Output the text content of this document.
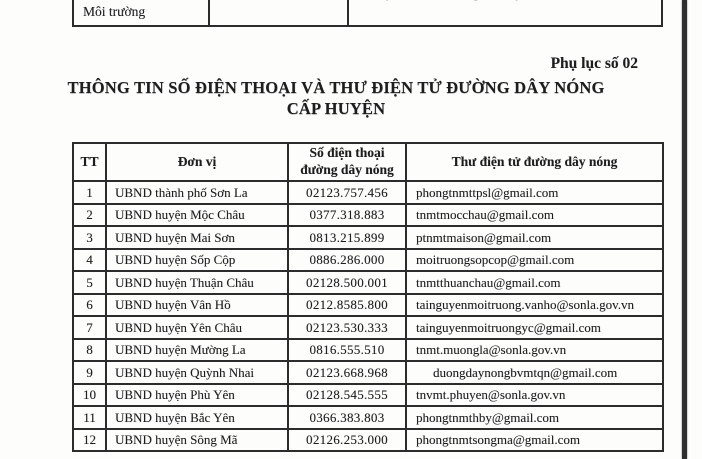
Môi trường
Phụ lục số 02
THÔNG TIN SỐ ĐIỆN THOẠI VÀ THƯ ĐIỆN TỬ ĐƯỜNG DÂY NÓNG
CẤP HUYỆN
TT	Đơn vị	Số điện thoại đường dây nóng	Thư điện tử đường dây nóng
1	UBND thành phố Sơn La	02123.757.456	phongtnmttpsl@gmail.com
2	UBND huyện Mộc Châu	0377.318.883	tnmtmocchau@gmail.com
3	UBND huyện Mai Sơn	0813.215.899	ptnmtmaison@gmail.com
4	UBND huyện Sốp Cộp	0886.286.000	moitruongsopcop@gmail.com
5	UBND huyện Thuận Châu	02128.500.001	tnmtthuanchau@gmail.com
6	UBND huyện Vân Hồ	0212.8585.800	tainguyenmoitruong.vanho@sonla.gov.vn
7	UBND huyện Yên Châu	02123.530.333	tainguyenmoitruongyc@gmail.com
8	UBND huyện Mường La	0816.555.510	tnmt.muongla@sonla.gov.vn
9	UBND huyện Quỳnh Nhai	02123.668.968	duongdaynongbvmtqn@gmail.com
10	UBND huyện Phù Yên	02128.545.555	tnvmt.phuyen@sonla.gov.vn
11	UBND huyện Bắc Yên	0366.383.803	phongtnmthby@gmail.com
12	UBND huyện Sông Mã	02126.253.000	phongtnmtsongma@gmail.com
